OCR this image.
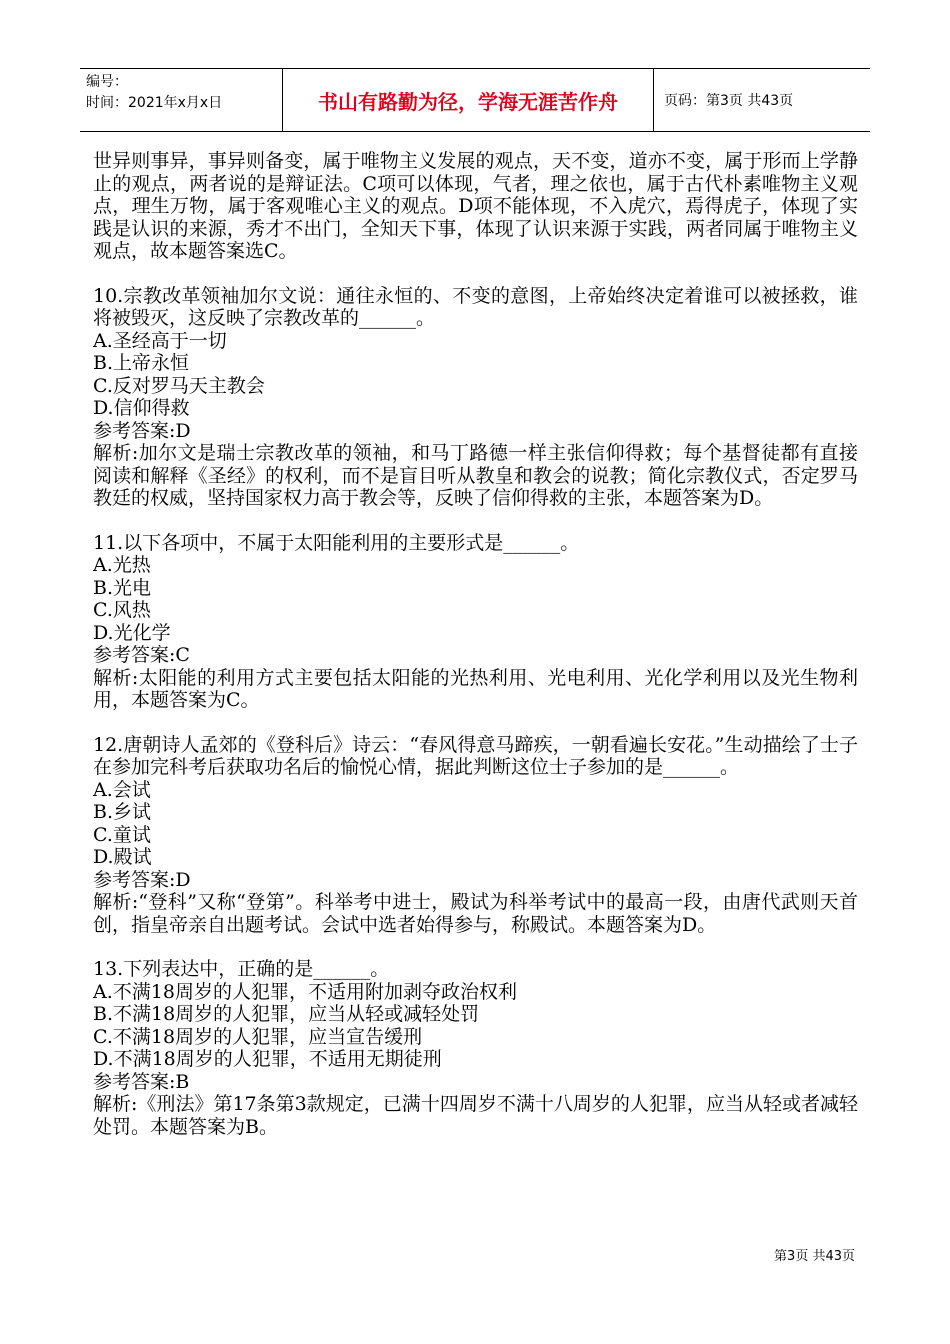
编号：
时间：2021年x月x日	书山有路勤为径，学海无涯苦作舟	页码：第3页 共43页

世异则事异，事异则备变，属于唯物主义发展的观点，天不变，道亦不变，属于形而上学静止的观点，两者说的是辩证法。C项可以体现，气者，理之依也，属于古代朴素唯物主义观点，理生万物，属于客观唯心主义的观点。D项不能体现，不入虎穴，焉得虎子，体现了实践是认识的来源，秀才不出门，全知天下事，体现了认识来源于实践，两者同属于唯物主义观点，故本题答案选C。

10.宗教改革领袖加尔文说：通往永恒的、不变的意图，上帝始终决定着谁可以被拯救，谁将被毁灭，这反映了宗教改革的______。

A.圣经高于一切
B.上帝永恒
C.反对罗马天主教会
D.信仰得救
参考答案:D

解析:加尔文是瑞士宗教改革的领袖，和马丁路德一样主张信仰得救；每个基督徒都有直接阅读和解释《圣经》的权利，而不是盲目听从教皇和教会的说教；简化宗教仪式，否定罗马教廷的权威，坚持国家权力高于教会等，反映了信仰得救的主张，本题答案为D。

11.以下各项中，不属于太阳能利用的主要形式是______。

A.光热
B.光电
C.风热
D.光化学
参考答案:C

解析:太阳能的利用方式主要包括太阳能的光热利用、光电利用、光化学利用以及光生物利用，本题答案为C。

12.唐朝诗人孟郊的《登科后》诗云：“春风得意马蹄疾，一朝看遍长安花。”生动描绘了士子在参加完科考后获取功名后的愉悦心情，据此判断这位士子参加的是______。

A.会试
B.乡试
C.童试
D.殿试
参考答案:D

解析:“登科”又称“登第”。科举考中进士，殿试为科举考试中的最高一段，由唐代武则天首创，指皇帝亲自出题考试。会试中选者始得参与，称殿试。本题答案为D。

13.下列表达中，正确的是______。

A.不满18周岁的人犯罪，不适用附加剥夺政治权利
B.不满18周岁的人犯罪，应当从轻或减轻处罚
C.不满18周岁的人犯罪，应当宣告缓刑
D.不满18周岁的人犯罪，不适用无期徒刑
参考答案:B

解析:《刑法》第17条第3款规定，已满十四周岁不满十八周岁的人犯罪，应当从轻或者减轻处罚。本题答案为B。

第3页 共43页
